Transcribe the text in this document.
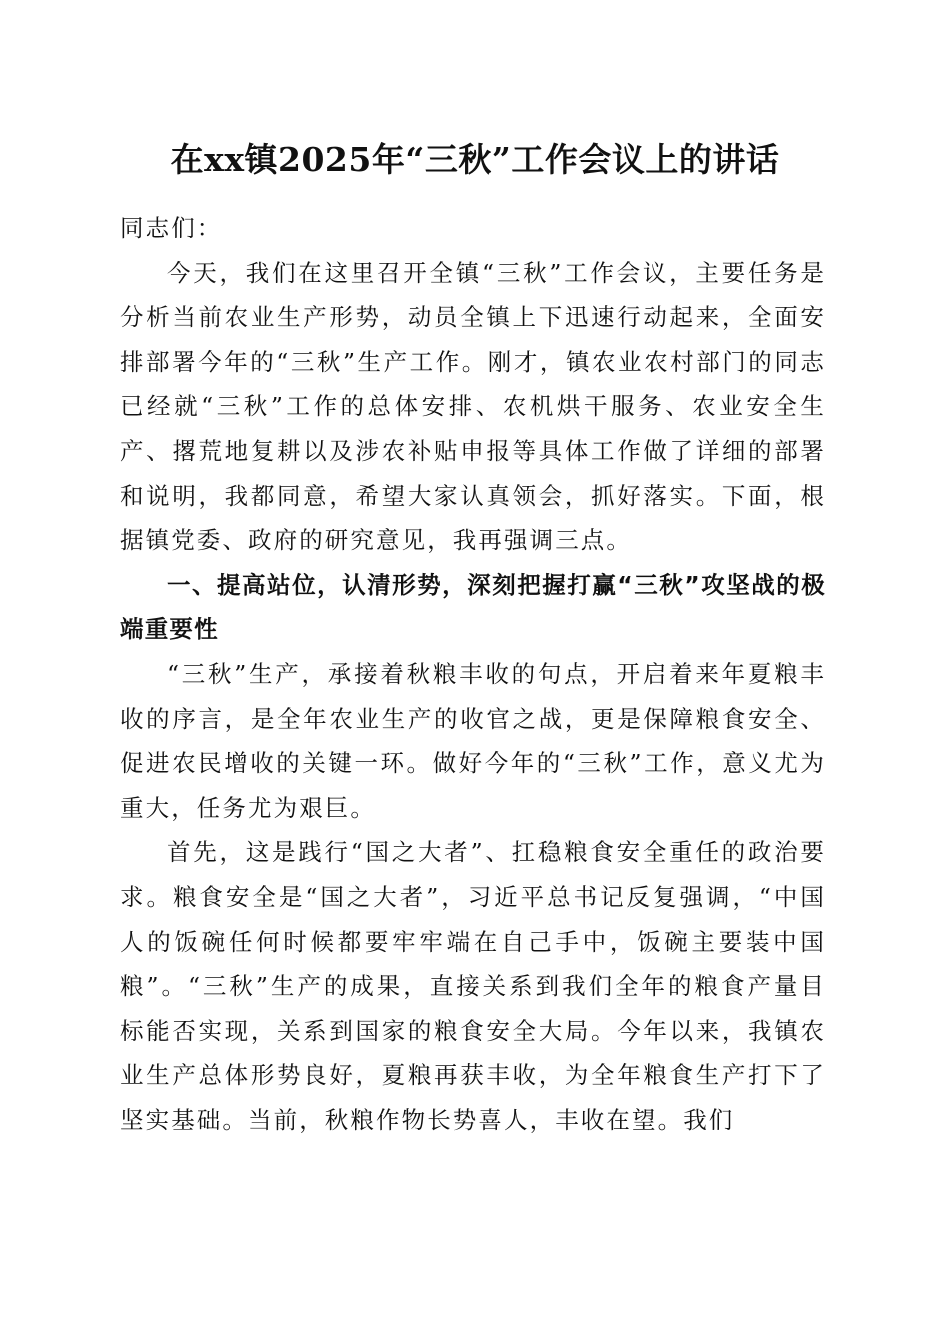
在xx镇2025年“三秋”工作会议上的讲话

同志们：

今天，我们在这里召开全镇“三秋”工作会议，主要任务是分析当前农业生产形势，动员全镇上下迅速行动起来，全面安排部署今年的“三秋”生产工作。刚才，镇农业农村部门的同志已经就“三秋”工作的总体安排、农机烘干服务、农业安全生产、撂荒地复耕以及涉农补贴申报等具体工作做了详细的部署和说明，我都同意，希望大家认真领会，抓好落实。下面，根据镇党委、政府的研究意见，我再强调三点。

一、提高站位，认清形势，深刻把握打赢“三秋”攻坚战的极端重要性

“三秋”生产，承接着秋粮丰收的句点，开启着来年夏粮丰收的序言，是全年农业生产的收官之战，更是保障粮食安全、促进农民增收的关键一环。做好今年的“三秋”工作，意义尤为重大，任务尤为艰巨。

首先，这是践行“国之大者”、扛稳粮食安全重任的政治要求。粮食安全是“国之大者”，习近平总书记反复强调，“中国人的饭碗任何时候都要牢牢端在自己手中，饭碗主要装中国粮”。“三秋”生产的成果，直接关系到我们全年的粮食产量目标能否实现，关系到国家的粮食安全大局。今年以来，我镇农业生产总体形势良好，夏粮再获丰收，为全年粮食生产打下了坚实基础。当前，秋粮作物长势喜人，丰收在望。我们
